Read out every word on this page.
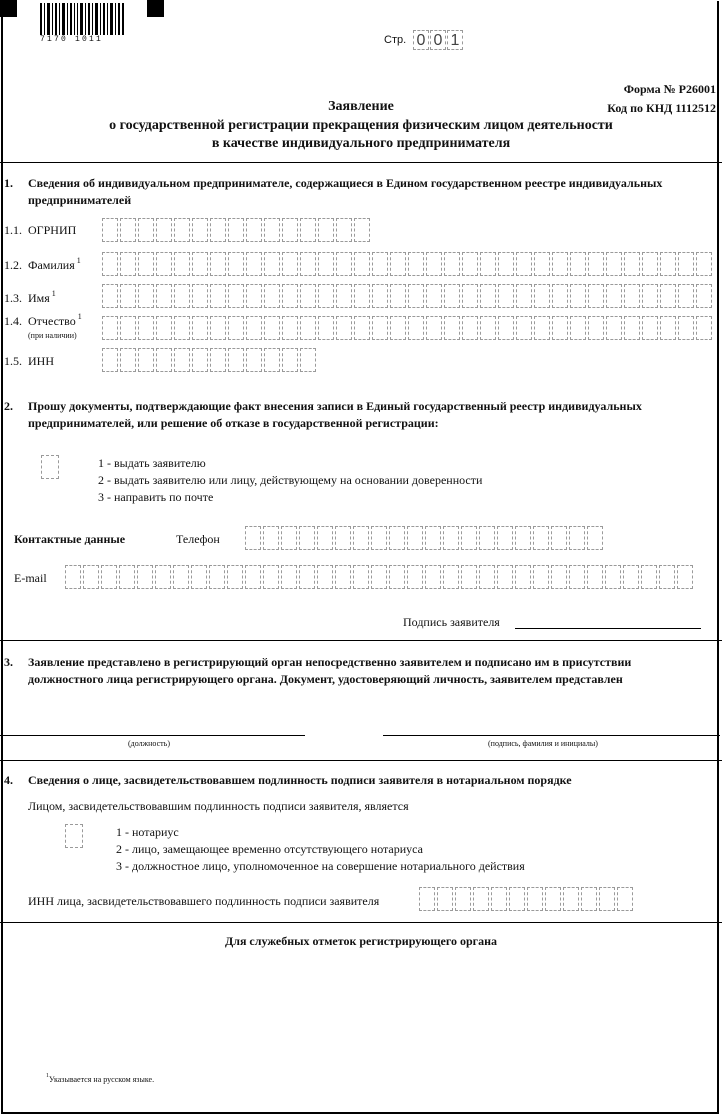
7170 1011	Стр. 0 0 1
Форма № Р26001
Код по КНД 1112512
Заявление
о государственной регистрации прекращения физическим лицом деятельности
в качестве индивидуального предпринимателя
1. Сведения об индивидуальном предпринимателе, содержащиеся в Едином государственном реестре индивидуальных
предпринимателей
1.1. ОГРНИП
1.2. Фамилия $^1$
1.3. Имя $^1$
1.4. Отчество $^1$
(при наличии)
1.5. ИНН
2. Прошу документы, подтверждающие факт внесения записи в Единый государственный реестр индивидуальных
предпринимателей, или решение об отказе в государственной регистрации:
1 - выдать заявителю
2 - выдать заявителю или лицу, действующему на основании доверенности
3 - направить по почте
Контактные данные	Телефон
E-mail
Подпись заявителя
3. Заявление представлено в регистрирующий орган непосредственно заявителем и подписано им в присутствии
должностного лица регистрирующего органа. Документ, удостоверяющий личность, заявителем представлен
(должность)	(подпись, фамилия и инициалы)
4. Сведения о лице, засвидетельствовавшем подлинность подписи заявителя в нотариальном порядке
Лицом, засвидетельствовавшим подлинность подписи заявителя, является
1 - нотариус
2 - лицо, замещающее временно отсутствующего нотариуса
3 - должностное лицо, уполномоченное на совершение нотариального действия
ИНН лица, засвидетельствовавшего подлинность подписи заявителя
Для служебных отметок регистрирующего органа
$^1$Указывается на русском языке.
